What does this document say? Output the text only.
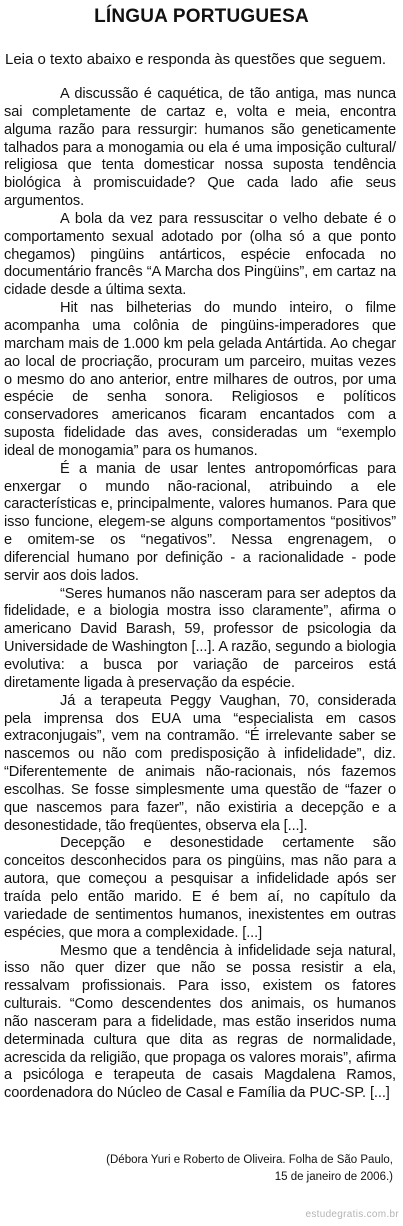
LÍNGUA PORTUGUESA

Leia o texto abaixo e responda às questões que seguem.

A discussão é caquética, de tão antiga, mas nunca sai completamente de cartaz e, volta e meia, encontra alguma razão para ressurgir: humanos são geneticamente talhados para a monogamia ou ela é uma imposição cultural/ religiosa que tenta domesticar nossa suposta tendência biológica à promiscuidade? Que cada lado afie seus argumentos.

A bola da vez para ressuscitar o velho debate é o comportamento sexual adotado por (olha só a que ponto chegamos) pingüins antárticos, espécie enfocada no documentário francês “A Marcha dos Pingüins”, em cartaz na cidade desde a última sexta.

Hit nas bilheterias do mundo inteiro, o filme acompanha uma colônia de pingüins-imperadores que marcham mais de 1.000 km pela gelada Antártida. Ao chegar ao local de procriação, procuram um parceiro, muitas vezes o mesmo do ano anterior, entre milhares de outros, por uma espécie de senha sonora. Religiosos e políticos conservadores americanos ficaram encantados com a suposta fidelidade das aves, consideradas um “exemplo ideal de monogamia” para os humanos.

É a mania de usar lentes antropomórficas para enxergar o mundo não-racional, atribuindo a ele características e, principalmente, valores humanos. Para que isso funcione, elegem-se alguns comportamentos “positivos” e omitem-se os “negativos”. Nessa engrenagem, o diferencial humano por definição - a racionalidade - pode servir aos dois lados.

“Seres humanos não nasceram para ser adeptos da fidelidade, e a biologia mostra isso claramente”, afirma o americano David Barash, 59, professor de psicologia da Universidade de Washington [...]. A razão, segundo a biologia evolutiva: a busca por variação de parceiros está diretamente ligada à preservação da espécie.

Já a terapeuta Peggy Vaughan, 70, considerada pela imprensa dos EUA uma “especialista em casos extraconjugais”, vem na contramão. “É irrelevante saber se nascemos ou não com predisposição à infidelidade”, diz. “Diferentemente de animais não-racionais, nós fazemos escolhas. Se fosse simplesmente uma questão de “fazer o que nascemos para fazer”, não existiria a decepção e a desonestidade, tão freqüentes, observa ela [...].

Decepção e desonestidade certamente são conceitos desconhecidos para os pingüins, mas não para a autora, que começou a pesquisar a infidelidade após ser traída pelo então marido. E é bem aí, no capítulo da variedade de sentimentos humanos, inexistentes em outras espécies, que mora a complexidade. [...]

Mesmo que a tendência à infidelidade seja natural, isso não quer dizer que não se possa resistir a ela, ressalvam profissionais. Para isso, existem os fatores culturais. “Como descendentes dos animais, os humanos não nasceram para a fidelidade, mas estão inseridos numa determinada cultura que dita as regras de normalidade, acrescida da religião, que propaga os valores morais”, afirma a psicóloga e terapeuta de casais Magdalena Ramos, coordenadora do Núcleo de Casal e Família da PUC-SP. [...]

(Débora Yuri e Roberto de Oliveira. Folha de São Paulo,
15 de janeiro de 2006.)
estudegratis.com.br
